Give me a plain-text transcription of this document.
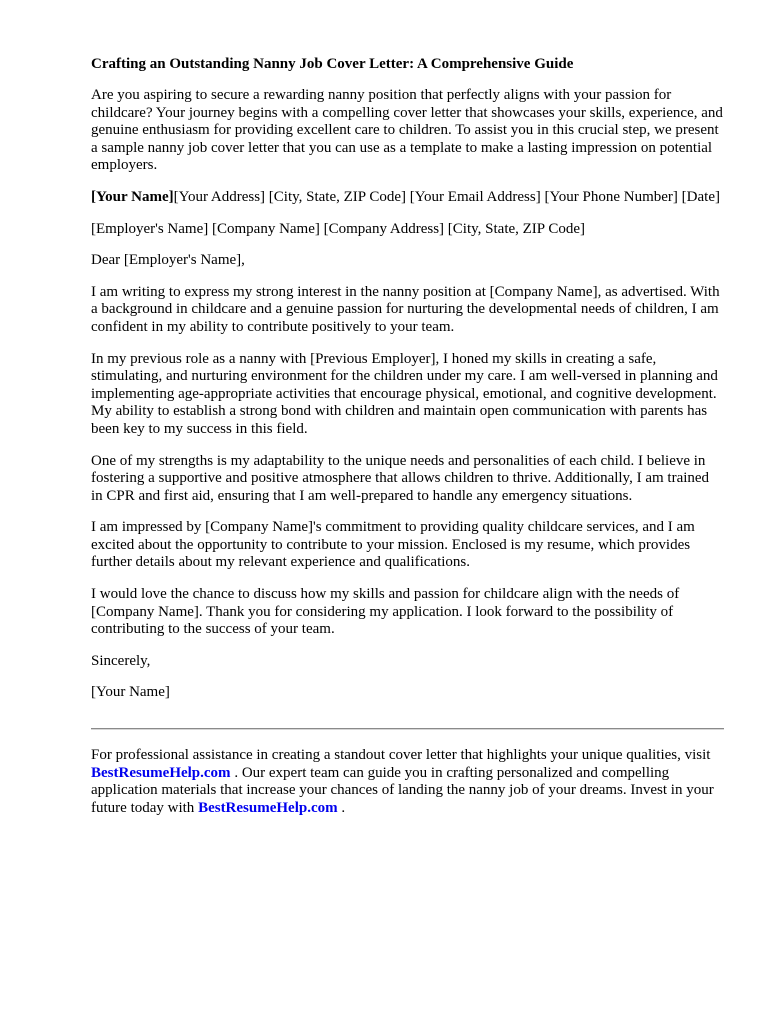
Crafting an Outstanding Nanny Job Cover Letter: A Comprehensive Guide

Are you aspiring to secure a rewarding nanny position that perfectly aligns with your passion for childcare? Your journey begins with a compelling cover letter that showcases your skills, experience, and genuine enthusiasm for providing excellent care to children. To assist you in this crucial step, we present a sample nanny job cover letter that you can use as a template to make a lasting impression on potential employers.

[Your Name][Your Address] [City, State, ZIP Code] [Your Email Address] [Your Phone Number] [Date]

[Employer's Name] [Company Name] [Company Address] [City, State, ZIP Code]

Dear [Employer's Name],

I am writing to express my strong interest in the nanny position at [Company Name], as advertised. With a background in childcare and a genuine passion for nurturing the developmental needs of children, I am confident in my ability to contribute positively to your team.

In my previous role as a nanny with [Previous Employer], I honed my skills in creating a safe, stimulating, and nurturing environment for the children under my care. I am well-versed in planning and implementing age-appropriate activities that encourage physical, emotional, and cognitive development. My ability to establish a strong bond with children and maintain open communication with parents has been key to my success in this field.

One of my strengths is my adaptability to the unique needs and personalities of each child. I believe in fostering a supportive and positive atmosphere that allows children to thrive. Additionally, I am trained in CPR and first aid, ensuring that I am well-prepared to handle any emergency situations.

I am impressed by [Company Name]'s commitment to providing quality childcare services, and I am excited about the opportunity to contribute to your mission. Enclosed is my resume, which provides further details about my relevant experience and qualifications.

I would love the chance to discuss how my skills and passion for childcare align with the needs of [Company Name]. Thank you for considering my application. I look forward to the possibility of contributing to the success of your team.

Sincerely,

[Your Name]

For professional assistance in creating a standout cover letter that highlights your unique qualities, visit BestResumeHelp.com . Our expert team can guide you in crafting personalized and compelling application materials that increase your chances of landing the nanny job of your dreams. Invest in your future today with BestResumeHelp.com .
